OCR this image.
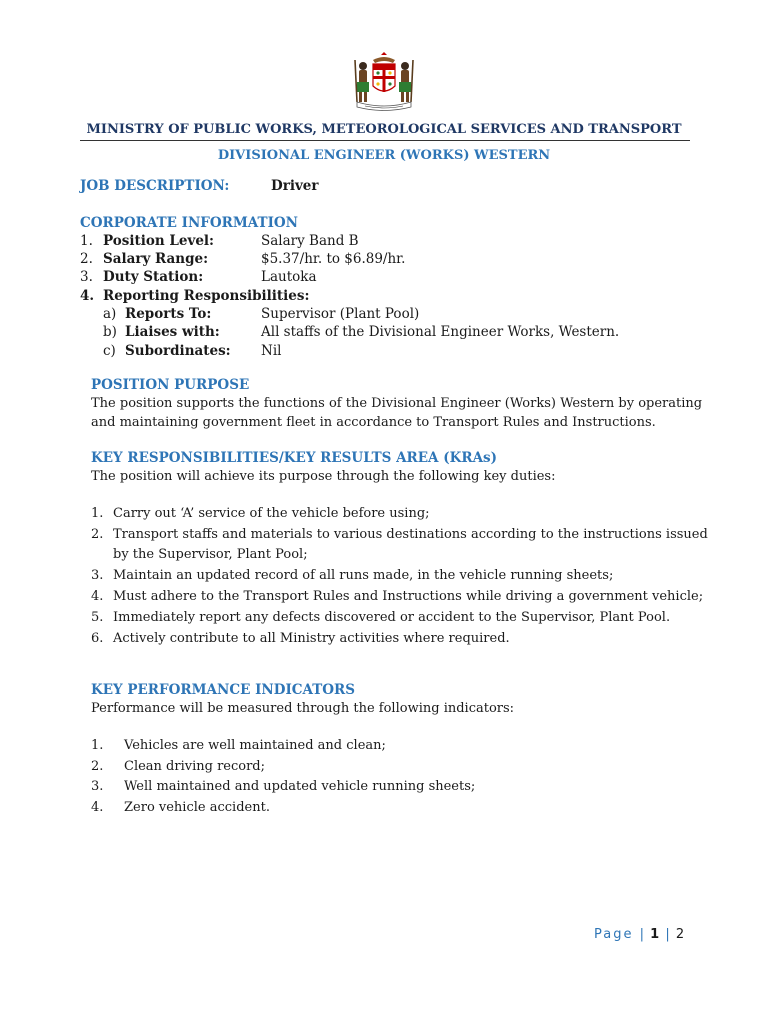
MINISTRY OF PUBLIC WORKS, METEOROLOGICAL SERVICES AND TRANSPORT
DIVISIONAL ENGINEER (WORKS) WESTERN
JOB DESCRIPTION:	Driver
CORPORATE INFORMATION
1. Position Level:	Salary Band B
2. Salary Range:	$5.37/hr. to $6.89/hr.
3. Duty Station:	Lautoka
4. Reporting Responsibilities:
a) Reports To:	Supervisor (Plant Pool)
b) Liaises with:	All staffs of the Divisional Engineer Works, Western.
c) Subordinates: Nil
POSITION PURPOSE
The position supports the functions of the Divisional Engineer (Works) Western by operating
and maintaining government fleet in accordance to Transport Rules and Instructions.
KEY RESPONSIBILITIES/KEY RESULTS AREA (KRAs)
The position will achieve its purpose through the following key duties:
1. Carry out ‘A’ service of the vehicle before using;
2. Transport staffs and materials to various destinations according to the instructions issued
by the Supervisor, Plant Pool;
3. Maintain an updated record of all runs made, in the vehicle running sheets;
4. Must adhere to the Transport Rules and Instructions while driving a government vehicle;
5. Immediately report any defects discovered or accident to the Supervisor, Plant Pool.
6. Actively contribute to all Ministry activities where required.
KEY PERFORMANCE INDICATORS
Performance will be measured through the following indicators:
1. Vehicles are well maintained and clean;
2. Clean driving record;
3. Well maintained and updated vehicle running sheets;
4. Zero vehicle accident.
Page | 1 | 2
